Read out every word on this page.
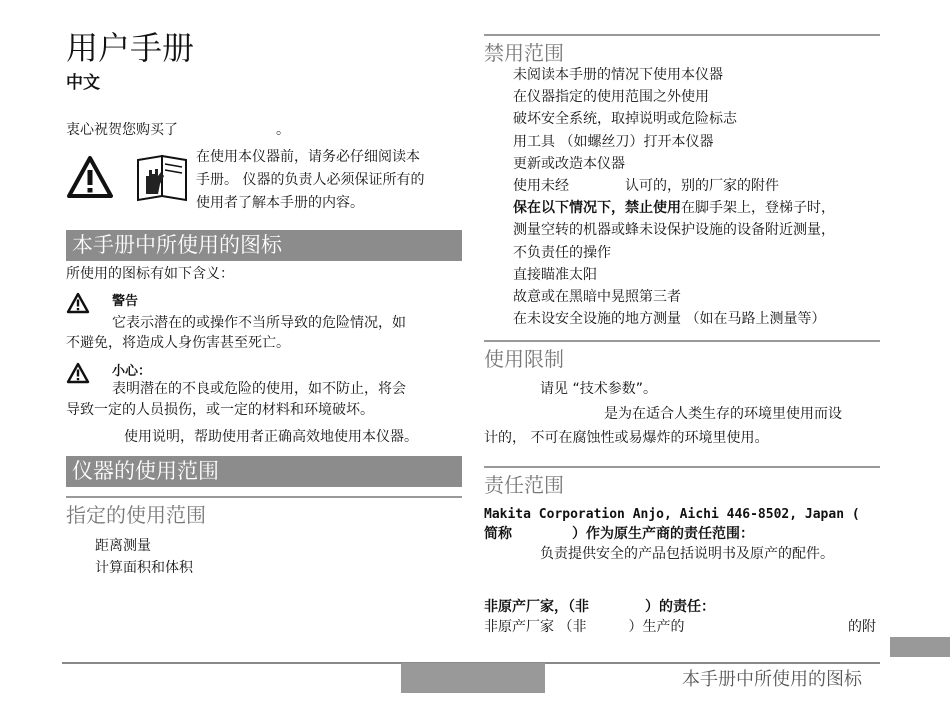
用户手册
中文
衷心祝贺您购买了　　　　　　　。
在使用本仪器前，请务必仔细阅读本
手册。 仪器的负责人必须保证所有的
使用者了解本手册的内容。
本手册中所使用的图标
所使用的图标有如下含义：
警告
它表示潜在的或操作不当所导致的危险情况，如
不避免，将造成人身伤害甚至死亡。
小心：
表明潜在的不良或危险的使用，如不防止，将会
导致一定的人员损伤，或一定的材料和环境破坏。
使用说明，帮助使用者正确高效地使用本仪器。
仪器的使用范围
指定的使用范围
距离测量
计算面积和体积
禁用范围
未阅读本手册的情况下使用本仪器
在仪器指定的使用范围之外使用
破坏安全系统，取掉说明或危险标志
用工具 （如螺丝刀）打开本仪器
更新或改造本仪器
使用未经　　　　认可的，别的厂家的附件
保在以下情况下，禁止使用在脚手架上，登梯子时，
测量空转的机器或蜂未设保护设施的设备附近测量，
不负责任的操作
直接瞄准太阳
故意或在黑暗中晃照第三者
在未设安全设施的地方测量 （如在马路上测量等）
使用限制
请见 “技术参数”。
是为在适合人类生存的环境里使用而设
计的， 不可在腐蚀性或易爆炸的环境里使用。
责任范围
Makita Corporation Anjo, Aichi 446-8502, Japan (
简称	）作为原生产商的责任范围：
负责提供安全的产品包括说明书及原产的配件。
非原产厂家，（非　　　　）的责任：
非原产厂家 （非　　　）生产的	的附
本手册中所使用的图标
